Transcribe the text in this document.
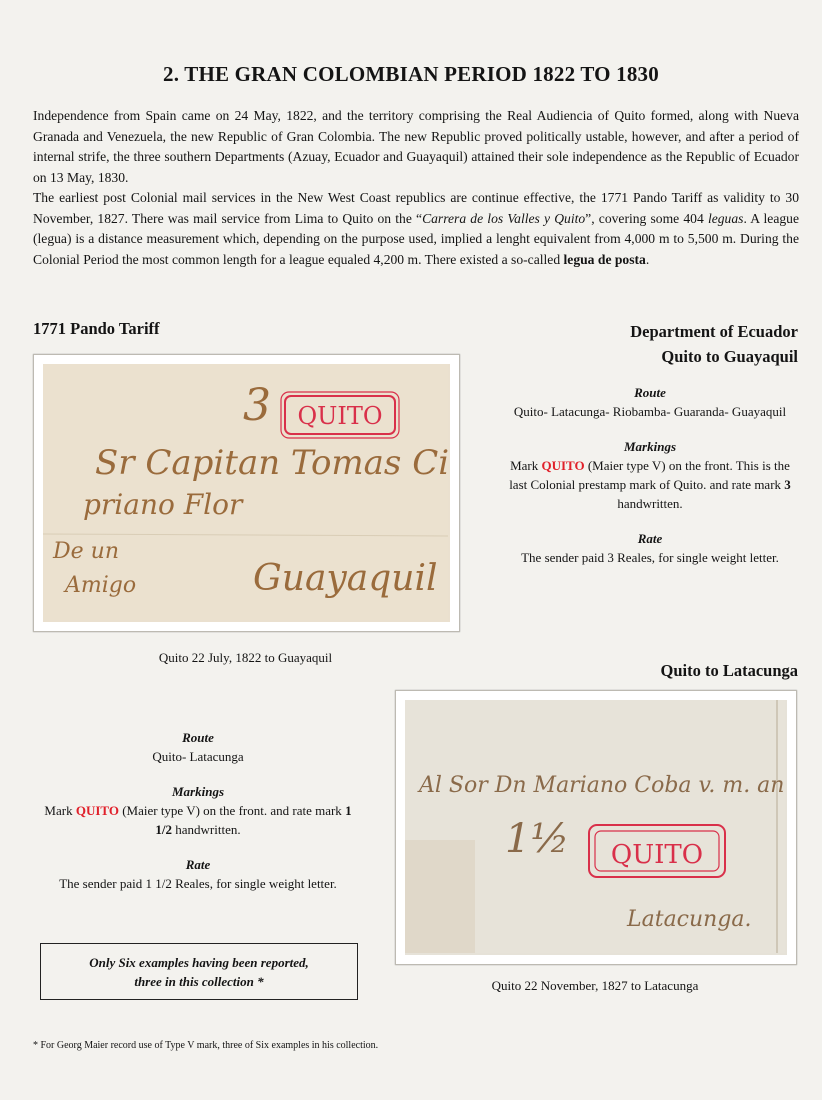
2. THE GRAN COLOMBIAN PERIOD 1822 TO 1830

Independence from Spain came on 24 May, 1822, and the territory comprising the Real Audiencia of Quito formed, along with Nueva Granada and Venezuela, the new Republic of Gran Colombia. The new Republic proved politically ustable, however, and after a period of internal strife, the three southern Departments (Azuay, Ecuador and Guayaquil) attained their sole independence as the Republic of Ecuador on 13 May, 1830.

The earliest post Colonial mail services in the New West Coast republics are continue effective, the 1771 Pando Tariff as validity to 30 November, 1827. There was mail service from Lima to Quito on the “Carrera de los Valles y Quito”, covering some 404 leguas. A league (legua) is a distance measurement which, depending on the purpose used, implied a lenght equivalent from 4,000 m to 5,500 m. During the Colonial Period the most common length for a league equaled 4,200 m. There existed a so-called legua de posta.

1771 Pando Tariff	Department of Ecuador
Quito to Guayaquil
QUITO
3
Sr Capitan Tomas Ci
priano Flor
De un
Amigo	Guayaquil
Quito 22 July, 1822 to Guayaquil
Route
Quito- Latacunga- Riobamba- Guaranda- Guayaquil
Markings
Mark QUITO (Maier type V) on the front. This is the last Colonial prestamp mark of Quito. and rate mark 3 handwritten.
Rate
The sender paid 3 Reales, for single weight letter.
Quito to Latacunga
Route
Quito- Latacunga
Markings
Mark QUITO (Maier type V) on the front. and rate mark 1 1/2 handwritten.
Rate
The sender paid 1 1/2 Reales, for single weight letter.
Al Sor Dn Mariano Coba v. m. an.
1½ QUITO
Latacunga.
Quito 22 November, 1827 to Latacunga
Only Six examples having been reported,
three in this collection *
* For Georg Maier record use of Type V mark, three of Six examples in his collection.
